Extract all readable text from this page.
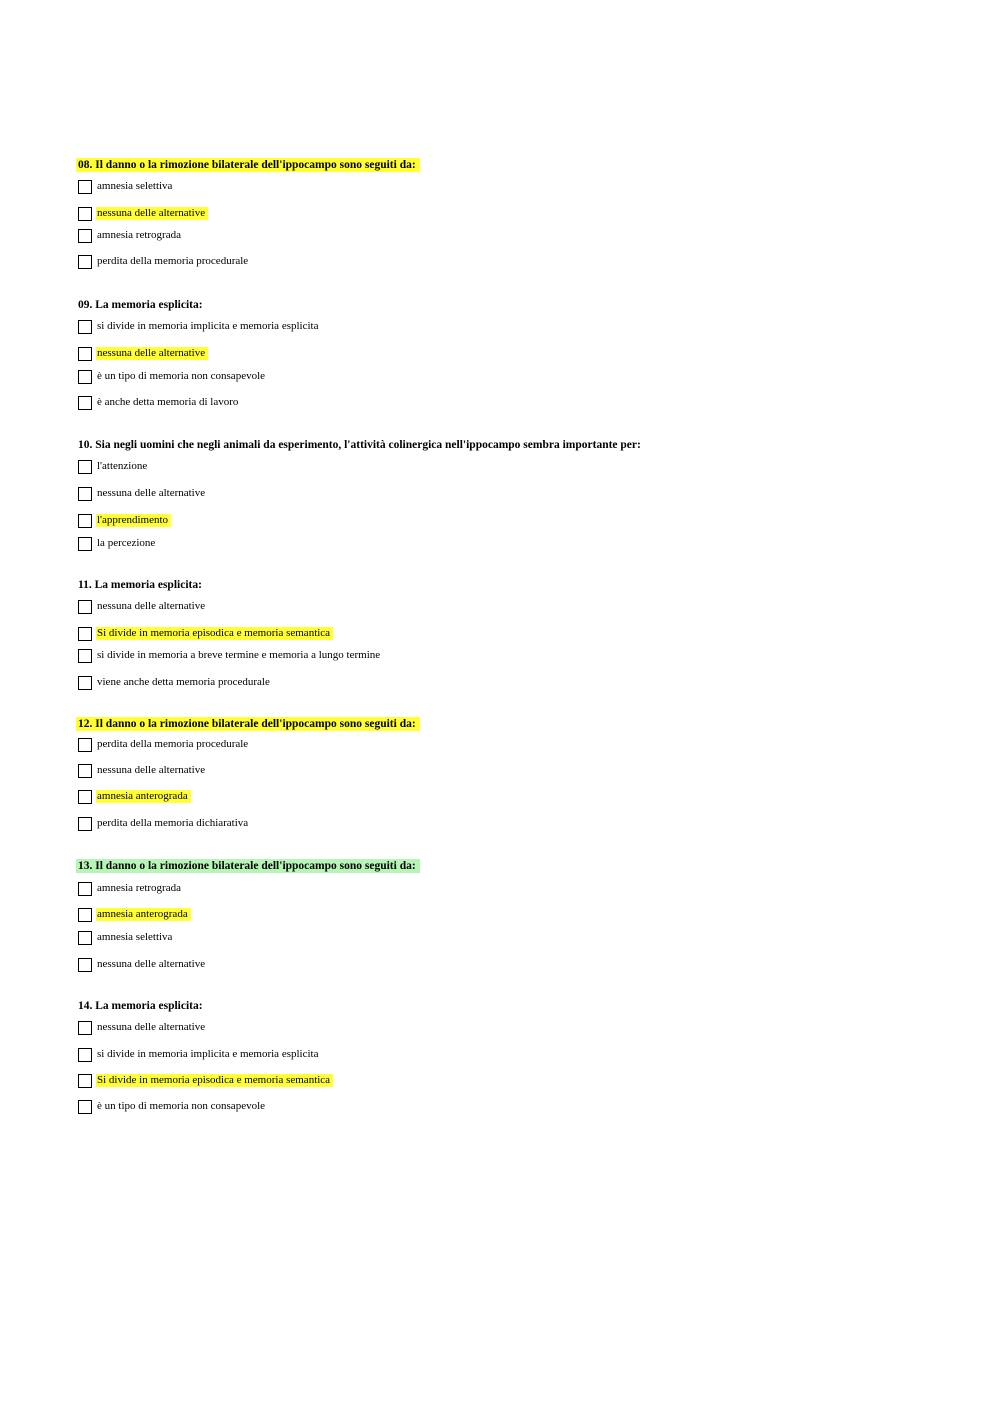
08. Il danno o la rimozione bilaterale dell'ippocampo sono seguiti da:
amnesia selettiva
nessuna delle alternative
amnesia retrograda
perdita della memoria procedurale
09. La memoria esplicita:
si divide in memoria implicita e memoria esplicita
nessuna delle alternative
è un tipo di memoria non consapevole
è anche detta memoria di lavoro
10. Sia negli uomini che negli animali da esperimento, l'attività colinergica nell'ippocampo sembra importante per:
l'attenzione
nessuna delle alternative
l'apprendimento
la percezione
11. La memoria esplicita:
nessuna delle alternative
Si divide in memoria episodica e memoria semantica
si divide in memoria a breve termine e memoria a lungo termine
viene anche detta memoria procedurale
12. Il danno o la rimozione bilaterale dell'ippocampo sono seguiti da:
perdita della memoria procedurale
nessuna delle alternative
amnesia anterograda
perdita della memoria dichiarativa
13. Il danno o la rimozione bilaterale dell'ippocampo sono seguiti da:
amnesia retrograda
amnesia anterograda
amnesia selettiva
nessuna delle alternative
14. La memoria esplicita:
nessuna delle alternative
si divide in memoria implicita e memoria esplicita
Si divide in memoria episodica e memoria semantica
è un tipo di memoria non consapevole
